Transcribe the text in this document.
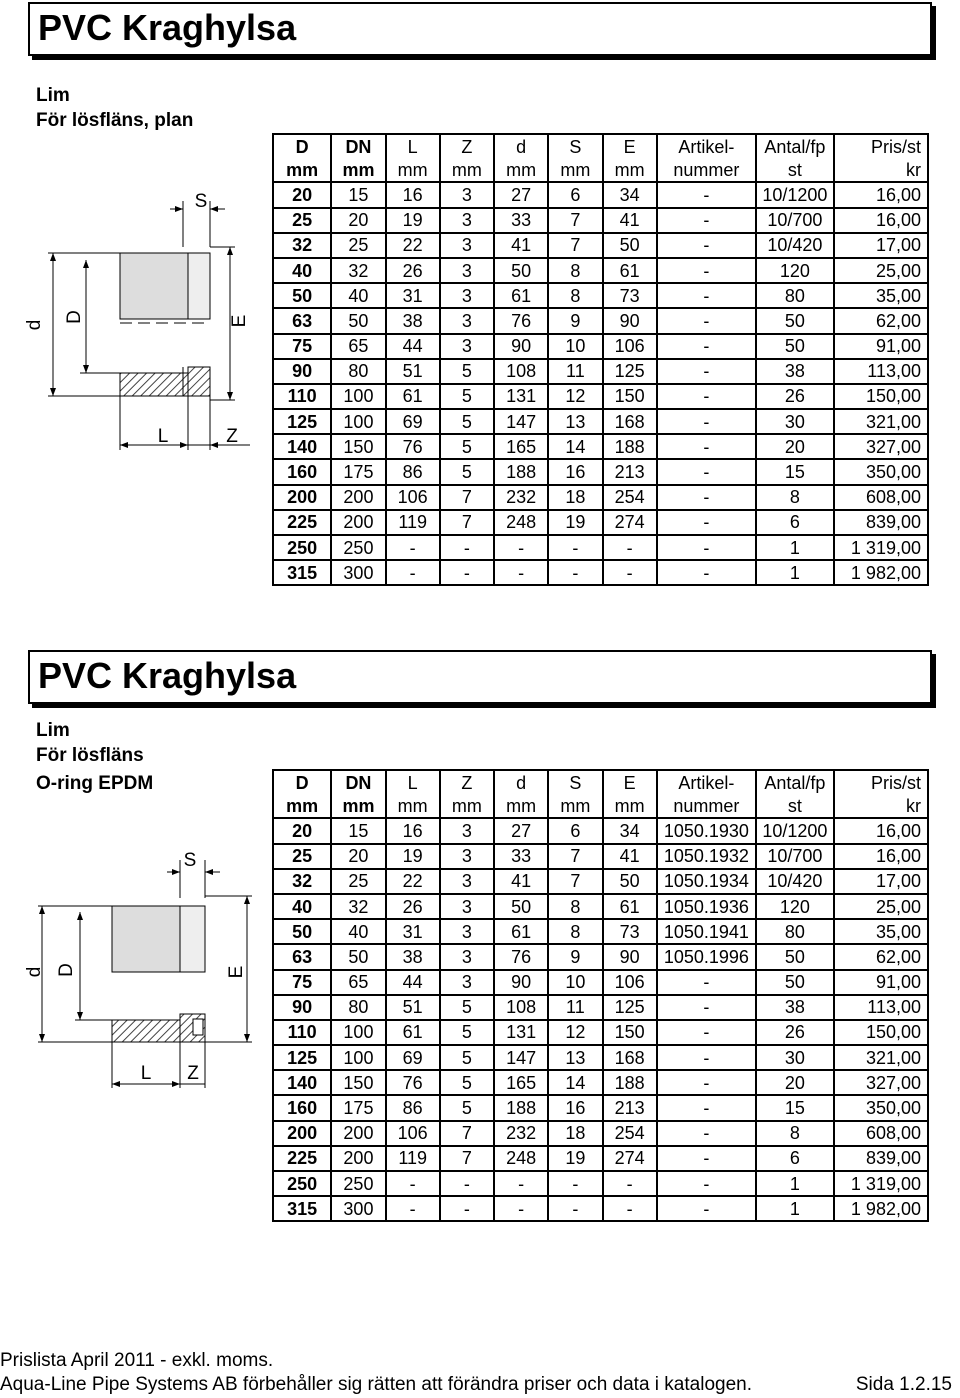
PVC Kraghylsa
Lim
För lösfläns, plan
S
d
D	E
L	Z
D	DN	L	Z	d	S	E	Artikel-	Antal/fp	Pris/st
mm	mm	mm	mm	mm	mm	mm	nummer	st	kr
20	15	16	3	27	6	34	-	10/1200	16,00
25	20	19	3	33	7	41	-	10/700	16,00
32	25	22	3	41	7	50	-	10/420	17,00
40	32	26	3	50	8	61	-	120	25,00
50	40	31	3	61	8	73	-	80	35,00
63	50	38	3	76	9	90	-	50	62,00
75	65	44	3	90	10	106	-	50	91,00
90	80	51	5	108	11	125	-	38	113,00
110	100	61	5	131	12	150	-	26	150,00
125	100	69	5	147	13	168	-	30	321,00
140	150	76	5	165	14	188	-	20	327,00
160	175	86	5	188	16	213	-	15	350,00
200	200	106	7	232	18	254	-	8	608,00
225	200	119	7	248	19	274	-	6	839,00
250	250	-	-	-	-	-	-	1	1 319,00
315	300	-	-	-	-	-	-	1	1 982,00
PVC Kraghylsa
Lim
För lösfläns
O-ring EPDM
S
d D	E
L Z
D	DN	L	Z	d	S	E	Artikel-	Antal/fp	Pris/st
mm	mm	mm	mm	mm	mm	mm	nummer	st	kr
20	15	16	3	27	6	34	1050.1930	10/1200	16,00
25	20	19	3	33	7	41	1050.1932	10/700	16,00
32	25	22	3	41	7	50	1050.1934	10/420	17,00
40	32	26	3	50	8	61	1050.1936	120	25,00
50	40	31	3	61	8	73	1050.1941	80	35,00
63	50	38	3	76	9	90	1050.1996	50	62,00
75	65	44	3	90	10	106	-	50	91,00
90	80	51	5	108	11	125	-	38	113,00
110	100	61	5	131	12	150	-	26	150,00
125	100	69	5	147	13	168	-	30	321,00
140	150	76	5	165	14	188	-	20	327,00
160	175	86	5	188	16	213	-	15	350,00
200	200	106	7	232	18	254	-	8	608,00
225	200	119	7	248	19	274	-	6	839,00
250	250	-	-	-	-	-	-	1	1 319,00
315	300	-	-	-	-	-	-	1	1 982,00
Prislista April 2011 - exkl. moms.
Aqua-Line Pipe Systems AB förbehåller sig rätten att förändra priser och data i katalogen.	Sida 1.2.15
